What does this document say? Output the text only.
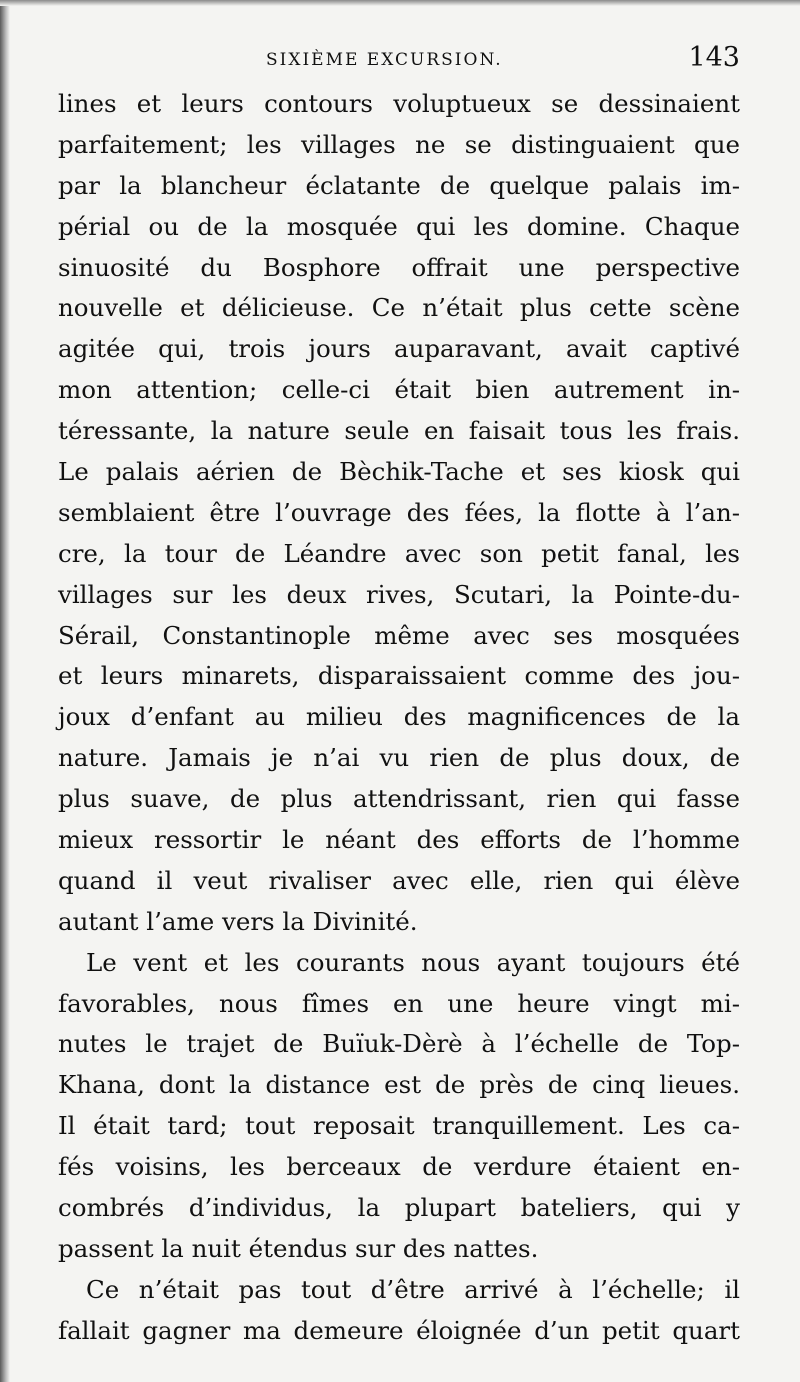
SIXIÈME EXCURSION.	143
lines et leurs contours voluptueux se dessinaient
parfaitement; les villages ne se distinguaient que
par la blancheur éclatante de quelque palais im-
périal ou de la mosquée qui les domine. Chaque
sinuosité du Bosphore offrait une perspective
nouvelle et délicieuse. Ce n’était plus cette scène
agitée qui, trois jours auparavant, avait captivé
mon attention; celle-ci était bien autrement in-
téressante, la nature seule en faisait tous les frais.
Le palais aérien de Bèchik-Tache et ses kiosk qui
semblaient être l’ouvrage des fées, la flotte à l’an-
cre, la tour de Léandre avec son petit fanal, les
villages sur les deux rives, Scutari, la Pointe-du-
Sérail, Constantinople même avec ses mosquées
et leurs minarets, disparaissaient comme des jou-
joux d’enfant au milieu des magnificences de la
nature. Jamais je n’ai vu rien de plus doux, de
plus suave, de plus attendrissant, rien qui fasse
mieux ressortir le néant des efforts de l’homme
quand il veut rivaliser avec elle, rien qui élève
autant l’ame vers la Divinité.
Le vent et les courants nous ayant toujours été
favorables, nous fîmes en une heure vingt mi-
nutes le trajet de Buïuk-Dèrè à l’échelle de Top-
Khana, dont la distance est de près de cinq lieues.
Il était tard; tout reposait tranquillement. Les ca-
fés voisins, les berceaux de verdure étaient en-
combrés d’individus, la plupart bateliers, qui y
passent la nuit étendus sur des nattes.
Ce n’était pas tout d’être arrivé à l’échelle; il
fallait gagner ma demeure éloignée d’un petit quart
